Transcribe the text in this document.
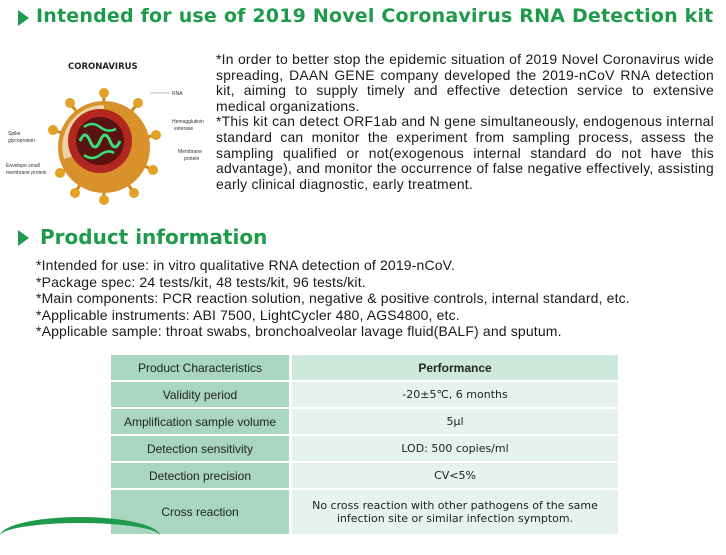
Intended for use of 2019 Novel Coronavirus RNA Detection kit
CORONAVIRUS
RNA
Hemagglutinin
esterase
Membrane
protein
Spike
glycoprotein
Envelope small
membrane protein

*In order to better stop the epidemic situation of 2019 Novel Coronavirus wide spreading, DAAN GENE company developed the 2019-nCoV RNA detection kit, aiming to supply timely and effective detection service to extensive medical organizations.

*This kit can detect ORF1ab and N gene simultaneously, endogenous internal standard can monitor the experiment from sampling process, assess the sampling qualified or not(exogenous internal standard do not have this advantage), and monitor the occurrence of false negative effectively, assisting early clinical diagnostic, early treatment.

Product information
*Intended for use: in vitro qualitative RNA detection of 2019-nCoV.
*Package spec: 24 tests/kit, 48 tests/kit, 96 tests/kit.
*Main components: PCR reaction solution, negative & positive controls, internal standard, etc.
*Applicable instruments: ABI 7500, LightCycler 480, AGS4800, etc.
*Applicable sample: throat swabs, bronchoalveolar lavage fluid(BALF) and sputum.
Product Characteristics	Performance
Validity period	-20±5℃, 6 months
Amplification sample volume	5μl
Detection sensitivity	LOD: 500 copies/ml
Detection precision	CV<5%
Cross reaction	No cross reaction with other pathogens of the same infection site or similar infection symptom.
